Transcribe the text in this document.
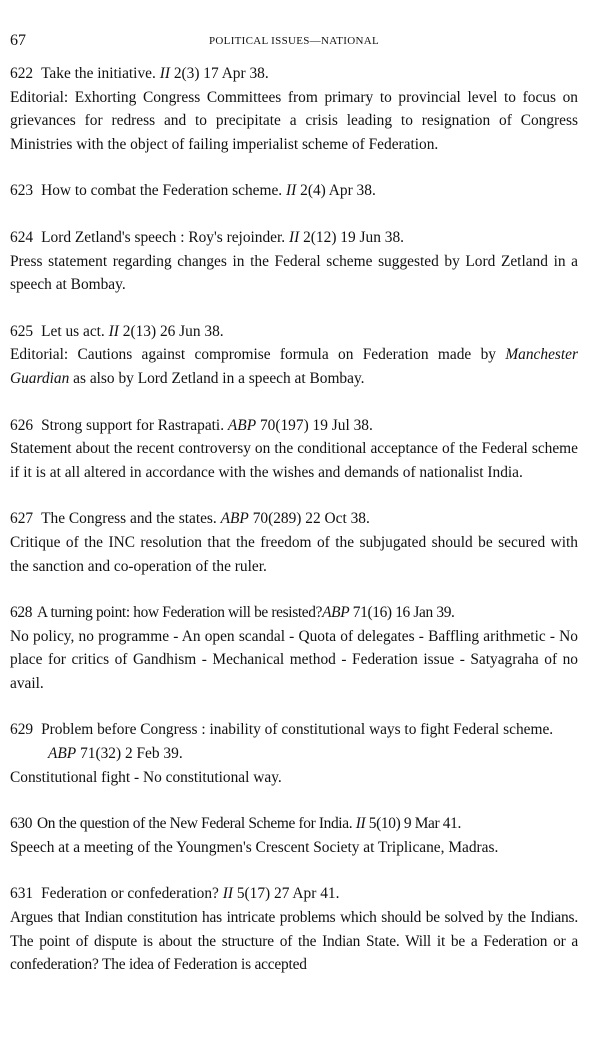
67	POLITICAL ISSUES—NATIONAL
622 Take the initiative. II 2(3) 17 Apr 38.
Editorial: Exhorting Congress Committees from primary to provincial level to focus on grievances for redress and to precipitate a crisis leading to resignation of Congress Ministries with the object of failing imperialist scheme of Federation.
623 How to combat the Federation scheme. II 2(4) Apr 38.
624 Lord Zetland's speech : Roy's rejoinder. II 2(12) 19 Jun 38.
Press statement regarding changes in the Federal scheme suggested by Lord Zetland in a speech at Bombay.
625 Let us act. II 2(13) 26 Jun 38.
Editorial: Cautions against compromise formula on Federation made by Manchester Guardian as also by Lord Zetland in a speech at Bombay.
626 Strong support for Rastrapati. ABP 70(197) 19 Jul 38.
Statement about the recent controversy on the conditional acceptance of the Federal scheme if it is at all altered in accordance with the wishes and demands of nationalist India.
627 The Congress and the states. ABP 70(289) 22 Oct 38.
Critique of the INC resolution that the freedom of the subjugated should be secured with the sanction and co-operation of the ruler.
628 A turning point: how Federation will be resisted?ABP 71(16) 16 Jan 39.
No policy, no programme - An open scandal - Quota of delegates - Baffling arithmetic - No place for critics of Gandhism - Mechanical method - Federation issue - Satyagraha of no avail.
629 Problem before Congress : inability of constitutional ways to fight Federal scheme. ABP 71(32) 2 Feb 39.
Constitutional fight - No constitutional way.
630 On the question of the New Federal Scheme for India. II 5(10) 9 Mar 41.
Speech at a meeting of the Youngmen's Crescent Society at Triplicane, Madras.
631 Federation or confederation? II 5(17) 27 Apr 41.
Argues that Indian constitution has intricate problems which should be solved by the Indians. The point of dispute is about the structure of the Indian State. Will it be a Federation or a confederation? The idea of Federation is accepted
